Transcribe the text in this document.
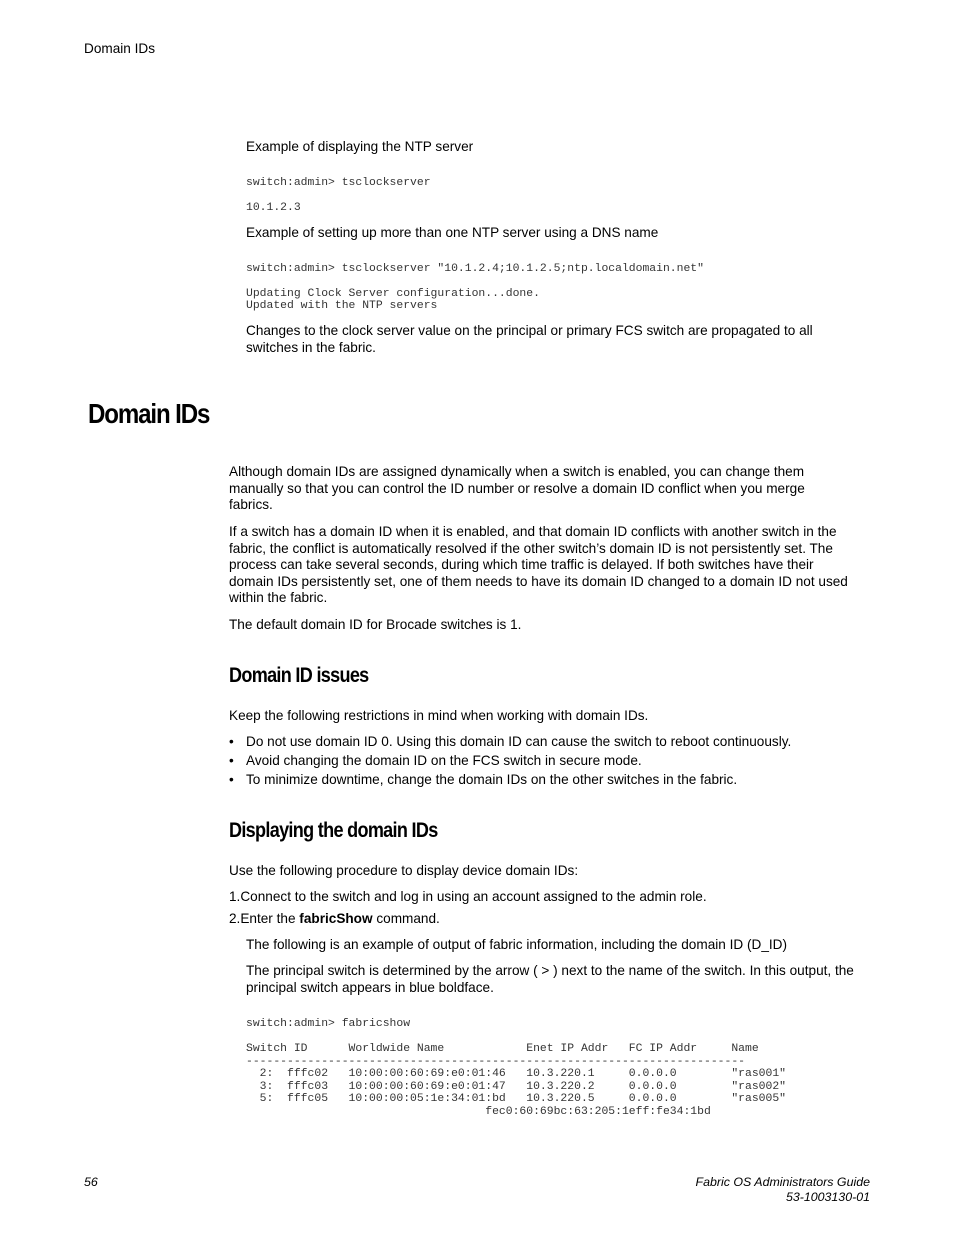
Domain IDs
Example of displaying the NTP server
switch:admin> tsclockserver
10.1.2.3
Example of setting up more than one NTP server using a DNS name
switch:admin> tsclockserver "10.1.2.4;10.1.2.5;ntp.localdomain.net"
Updating Clock Server configuration...done.
Updated with the NTP servers
Changes to the clock server value on the principal or primary FCS switch are propagated to all switches in the fabric.
Domain IDs
Although domain IDs are assigned dynamically when a switch is enabled, you can change them manually so that you can control the ID number or resolve a domain ID conflict when you merge fabrics.
If a switch has a domain ID when it is enabled, and that domain ID conflicts with another switch in the fabric, the conflict is automatically resolved if the other switch’s domain ID is not persistently set. The process can take several seconds, during which time traffic is delayed. If both switches have their domain IDs persistently set, one of them needs to have its domain ID changed to a domain ID not used within the fabric.
The default domain ID for Brocade switches is 1.
Domain ID issues
Keep the following restrictions in mind when working with domain IDs.
• Do not use domain ID 0. Using this domain ID can cause the switch to reboot continuously.
• Avoid changing the domain ID on the FCS switch in secure mode.
• To minimize downtime, change the domain IDs on the other switches in the fabric.
Displaying the domain IDs
Use the following procedure to display device domain IDs:
1.Connect to the switch and log in using an account assigned to the admin role.
2.Enter the fabricShow command.
The following is an example of output of fabric information, including the domain ID (D_ID)
The principal switch is determined by the arrow ( > ) next to the name of the switch. In this output, the principal switch appears in blue boldface.
switch:admin> fabricshow
Switch ID      Worldwide Name            Enet IP Addr   FC IP Addr     Name
-------------------------------------------------------------------------
2:  fffc02   10:00:00:60:69:e0:01:46   10.3.220.1     0.0.0.0        "ras001"
3:  fffc03   10:00:00:60:69:e0:01:47   10.3.220.2     0.0.0.0        "ras002"
5:  fffc05   10:00:00:05:1e:34:01:bd   10.3.220.5     0.0.0.0        "ras005"
fec0:60:69bc:63:205:1eff:fe34:1bd
56	Fabric OS Administrators Guide
53-1003130-01
